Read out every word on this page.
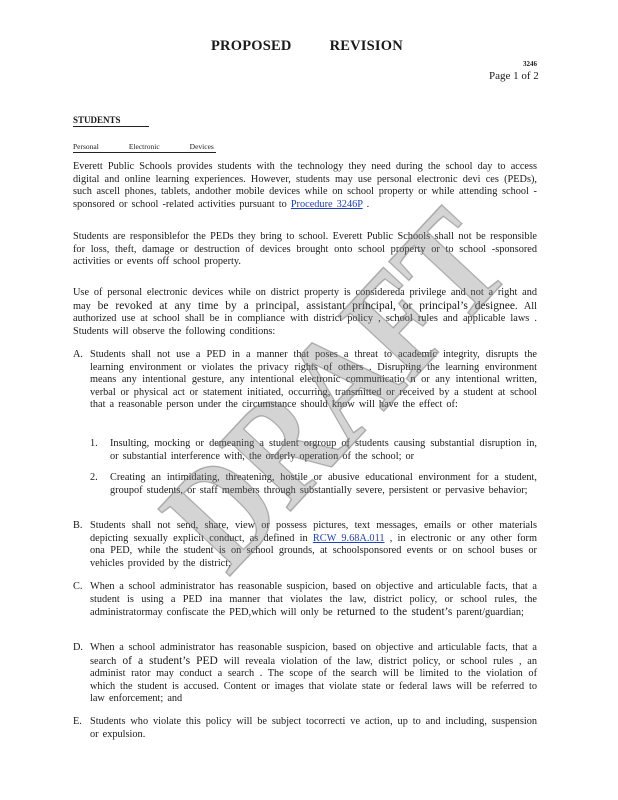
PROPOSED	REVISION
3246
Page 1 of 2
STUDENTS
Personal	Electronic	Devices
Everett Public Schools provides students with the technology they need during the school day to access digital and online learning experiences. However, students may use personal electronic devi ces (PEDs), such ascell phones, tablets, andother mobile devices while on school property or while attending school -sponsored or school -related activities pursuant to Procedure 3246P .
Students are responsiblefor the PEDs they bring to school. Everett Public Schools shall not be responsible for loss, theft, damage or destruction of devices brought onto school property or to school -sponsored activities or events off school property.
Use of personal electronic devices while on district property is considereda privilege and not a right and may be revoked at any time by a principal, assistant principal, or principal’s designee. All authorized use at school shall be in compliance with district policy , school rules and applicable laws . Students will observe the following conditions:
A. Students shall not use a PED in a manner that poses a threat to academic integrity, disrupts the learning environment or violates the privacy rights of others . Disrupting the learning environment means any intentional gesture, any intentional electronic communicatio n or any intentional written, verbal or physical act or statement initiated, occurring, transmitted or received by a student at school that a reasonable person under the circumstance should know will have the effect of:
1. Insulting, mocking or demeaning a student orgroup of students causing substantial disruption in, or substantial interference with, the orderly operation of the school; or
2. Creating an intimidating, threatening, hostile or abusive educational environment for a student, groupof students, or staff members through substantially severe, persistent or pervasive behavior;
B. Students shall not send, share, view or possess pictures, text messages, emails or other materials depicting sexually explicit conduct, as defined in RCW 9.68A.011 , in electronic or any other form ona PED, while the student is on school grounds, at schoolsponsored events or on school buses or vehicles provided by the district;
C. When a school administrator has reasonable suspicion, based on objective and articulable facts, that a student is using a PED ina manner that violates the law, district policy, or school rules, the administratormay confiscate the PED,which will only be returned to the student’s parent/guardian;
D. When a school administrator has reasonable suspicion, based on objective and articulable facts, that a search of a student’s PED will reveala violation of the law, district policy, or school rules , an administ rator may conduct a search . The scope of the search will be limited to the violation of which the student is accused. Content or images that violate state or federal laws will be referred to law enforcement; and
E. Students who violate this policy will be subject tocorrecti ve action, up to and including, suspension or expulsion.
DRAFT
